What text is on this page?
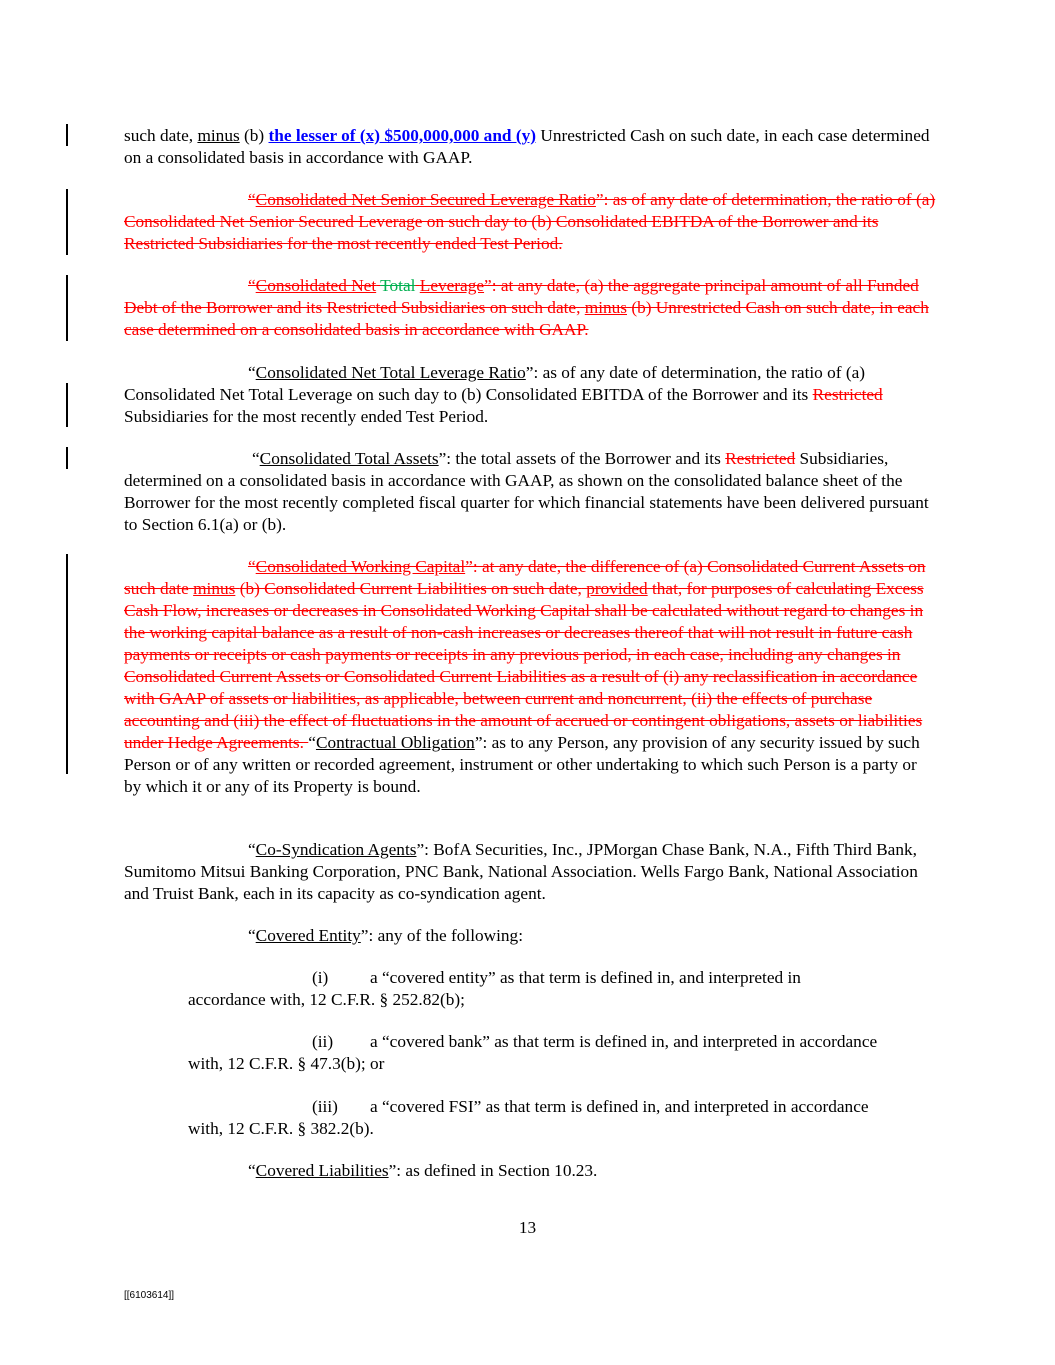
such date, minus (b) the lesser of (x) $500,000,000 and (y) Unrestricted Cash on such date, in each case determined on a consolidated basis in accordance with GAAP.

“Consolidated Net Senior Secured Leverage Ratio”: as of any date of determination, the ratio of (a) Consolidated Net Senior Secured Leverage on such day to (b) Consolidated EBITDA of the Borrower and its Restricted Subsidiaries for the most recently ended Test Period.

“Consolidated Net Total Leverage”: at any date, (a) the aggregate principal amount of all Funded Debt of the Borrower and its Restricted Subsidiaries on such date, minus (b) Unrestricted Cash on such date, in each case determined on a consolidated basis in accordance with GAAP.

“Consolidated Net Total Leverage Ratio”: as of any date of determination, the ratio of (a) Consolidated Net Total Leverage on such day to (b) Consolidated EBITDA of the Borrower and its Restricted Subsidiaries for the most recently ended Test Period.

“Consolidated Total Assets”: the total assets of the Borrower and its Restricted Subsidiaries, determined on a consolidated basis in accordance with GAAP, as shown on the consolidated balance sheet of the Borrower for the most recently completed fiscal quarter for which financial statements have been delivered pursuant to Section 6.1(a) or (b).

“Consolidated Working Capital”: at any date, the difference of (a) Consolidated Current Assets on such date minus (b) Consolidated Current Liabilities on such date, provided that, for purposes of calculating Excess Cash Flow, increases or decreases in Consolidated Working Capital shall be calculated without regard to changes in the working capital balance as a result of non-cash increases or decreases thereof that will not result in future cash payments or receipts or cash payments or receipts in any previous period, in each case, including any changes in Consolidated Current Assets or Consolidated Current Liabilities as a result of (i) any reclassification in accordance with GAAP of assets or liabilities, as applicable, between current and noncurrent, (ii) the effects of purchase accounting and (iii) the effect of fluctuations in the amount of accrued or contingent obligations, assets or liabilities under Hedge Agreements. “Contractual Obligation”: as to any Person, any provision of any security issued by such Person or of any written or recorded agreement, instrument or other undertaking to which such Person is a party or by which it or any of its Property is bound.

“Co-Syndication Agents”: BofA Securities, Inc., JPMorgan Chase Bank, N.A., Fifth Third Bank, Sumitomo Mitsui Banking Corporation, PNC Bank, National Association. Wells Fargo Bank, National Association and Truist Bank, each in its capacity as co-syndication agent.

“Covered Entity”: any of the following:

(i) a “covered entity” as that term is defined in, and interpreted in
accordance with, 12 C.F.R. § 252.82(b);

(ii) a “covered bank” as that term is defined in, and interpreted in accordance
with, 12 C.F.R. § 47.3(b); or

(iii) a “covered FSI” as that term is defined in, and interpreted in accordance
with, 12 C.F.R. § 382.2(b).

“Covered Liabilities”: as defined in Section 10.23.

13
[[6103614]]
